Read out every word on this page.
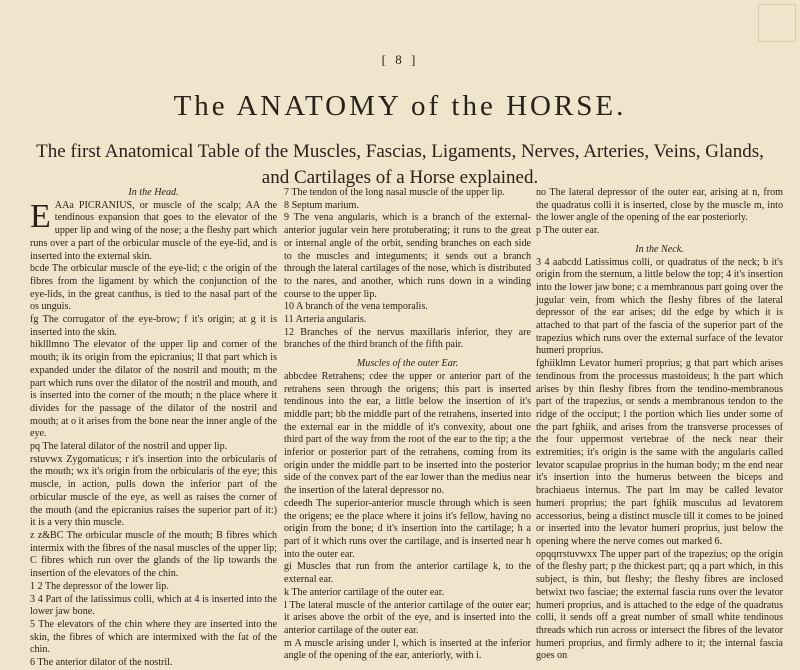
[ 8 ]
The ANATOMY of the HORSE.
The first Anatomical Table of the Muscles, Fascias, Ligaments, Nerves, Arteries, Veins, Glands,
and Cartilages of a Horse explained.

In the Head.

E AAa PICRANIUS, or muscle of the scalp; AA the tendinous expansion that goes to the elevator of the upper lip and wing of the nose; a the fleshy part which runs over a part of the orbicular muscle of the eye-lid, and is inserted into the external skin.

bcde The orbicular muscle of the eye-lid; c the origin of the fibres from the ligament by which the conjunction of the eye-lids, in the great canthus, is tied to the nasal part of the os unguis.

fg The corrugator of the eye-brow; f it's origin; at g it is inserted into the skin.

hiklllmno The elevator of the upper lip and corner of the mouth; ik its origin from the epicranius; ll that part which is expanded under the dilator of the nostril and mouth; m the part which runs over the dilator of the nostril and mouth, and is inserted into the corner of the mouth; n the place where it divides for the passage of the dilator of the nostril and mouth; at o it arises from the bone near the inner angle of the eye.

pq The lateral dilator of the nostril and upper lip.

rstuvwx Zygomaticus; r it's insertion into the orbicularis of the mouth; wx it's origin from the orbicularis of the eye; this muscle, in action, pulls down the inferior part of the orbicular muscle of the eye, as well as raises the corner of the mouth (and the epicranius raises the superior part of it:) it is a very thin muscle.

z z&BC The orbicular muscle of the mouth; B fibres which intermix with the fibres of the nasal muscles of the upper lip; C fibres which run over the glands of the lip towards the insertion of the elevators of the chin.

1 2 The depressor of the lower lip.

3 4 Part of the latissimus colli, which at 4 is inserted into the lower jaw bone.

5 The elevators of the chin where they are inserted into the skin, the fibres of which are intermixed with the fat of the chin.

6 The anterior dilator of the nostril.

7 The tendon of the long nasal muscle of the upper lip.

8 Septum marium.

9 The vena angularis, which is a branch of the external-anterior jugular vein here protuberating; it runs to the great or internal angle of the orbit, sending branches on each side to the muscles and integuments; it sends out a branch through the lateral cartilages of the nose, which is distributed to the nares, and another, which runs down in a winding course to the upper lip.

10 A branch of the vena temporalis.

11 Arteria angularis.

12 Branches of the nervus maxillaris inferior, they are branches of the third branch of the fifth pair.

Muscles of the outer Ear.

abbcdee Retrahens; cdee the upper or anterior part of the retrahens seen through the origens; this part is inserted tendinous into the ear, a little below the insertion of it's middle part; bb the middle part of the retrahens, inserted into the external ear in the middle of it's convexity, about one third part of the way from the root of the ear to the tip; a the inferior or posterior part of the retrahens, coming from its origin under the middle part to be inserted into the posterior side of the convex part of the ear lower than the medius near the insertion of the lateral depressor no.

cdeedh The superior-anterior muscle through which is seen the origens; ee the place where it joins it's fellow, having no origin from the bone; d it's insertion into the cartilage; h a part of it which runs over the cartilage, and is inserted near h into the outer ear.

gi Muscles that run from the anterior cartilage k, to the external ear.

k The anterior cartilage of the outer ear.

l The lateral muscle of the anterior cartilage of the outer ear; it arises above the orbit of the eye, and is inserted into the anterior cartilage of the outer ear.

m A muscle arising under l, which is inserted at the inferior angle of the opening of the ear, anteriorly, with i.

no The lateral depressor of the outer ear, arising at n, from the quadratus colli it is inserted, close by the muscle m, into the lower angle of the opening of the ear posteriorly.

p The outer ear.

In the Neck.

3 4 aabcdd Latissimus colli, or quadratus of the neck; b it's origin from the sternum, a little below the top; 4 it's insertion into the lower jaw bone; c a membranous part going over the jugular vein, from which the fleshy fibres of the lateral depressor of the ear arises; dd the edge by which it is attached to that part of the fascia of the superior part of the trapezius which runs over the external surface of the levator humeri proprius.

fghiiklmn Levator humeri proprius; g that part which arises tendinous from the processus mastoideus; h the part which arises by thin fleshy fibres from the tendino-membranous part of the trapezius, or sends a membranous tendon to the ridge of the occiput; l the portion which lies under some of the part fghiik, and arises from the transverse processes of the four uppermost vertebrae of the neck near their extremities; it's origin is the same with the angularis called levator scapulae proprius in the human body; m the end near it's insertion into the humerus between the biceps and brachiaeus internus. The part lm may be called levator humeri proprius; the part fghiik musculus ad levatorem accessorius, being a distinct muscle till it comes to be joined or inserted into the levator humeri proprius, just below the opening where the nerve comes out marked 6.

opqqrrstuvwxx The upper part of the trapezius; op the origin of the fleshy part; p the thickest part; qq a part which, in this subject, is thin, but fleshy; the fleshy fibres are inclosed betwixt two fasciae; the external fascia runs over the levator humeri proprius, and is attached to the edge of the quadratus colli, it sends off a great number of small white tendinous threads which run across or intersect the fibres of the levator humeri proprius, and firmly adhere to it; the internal fascia goes on
